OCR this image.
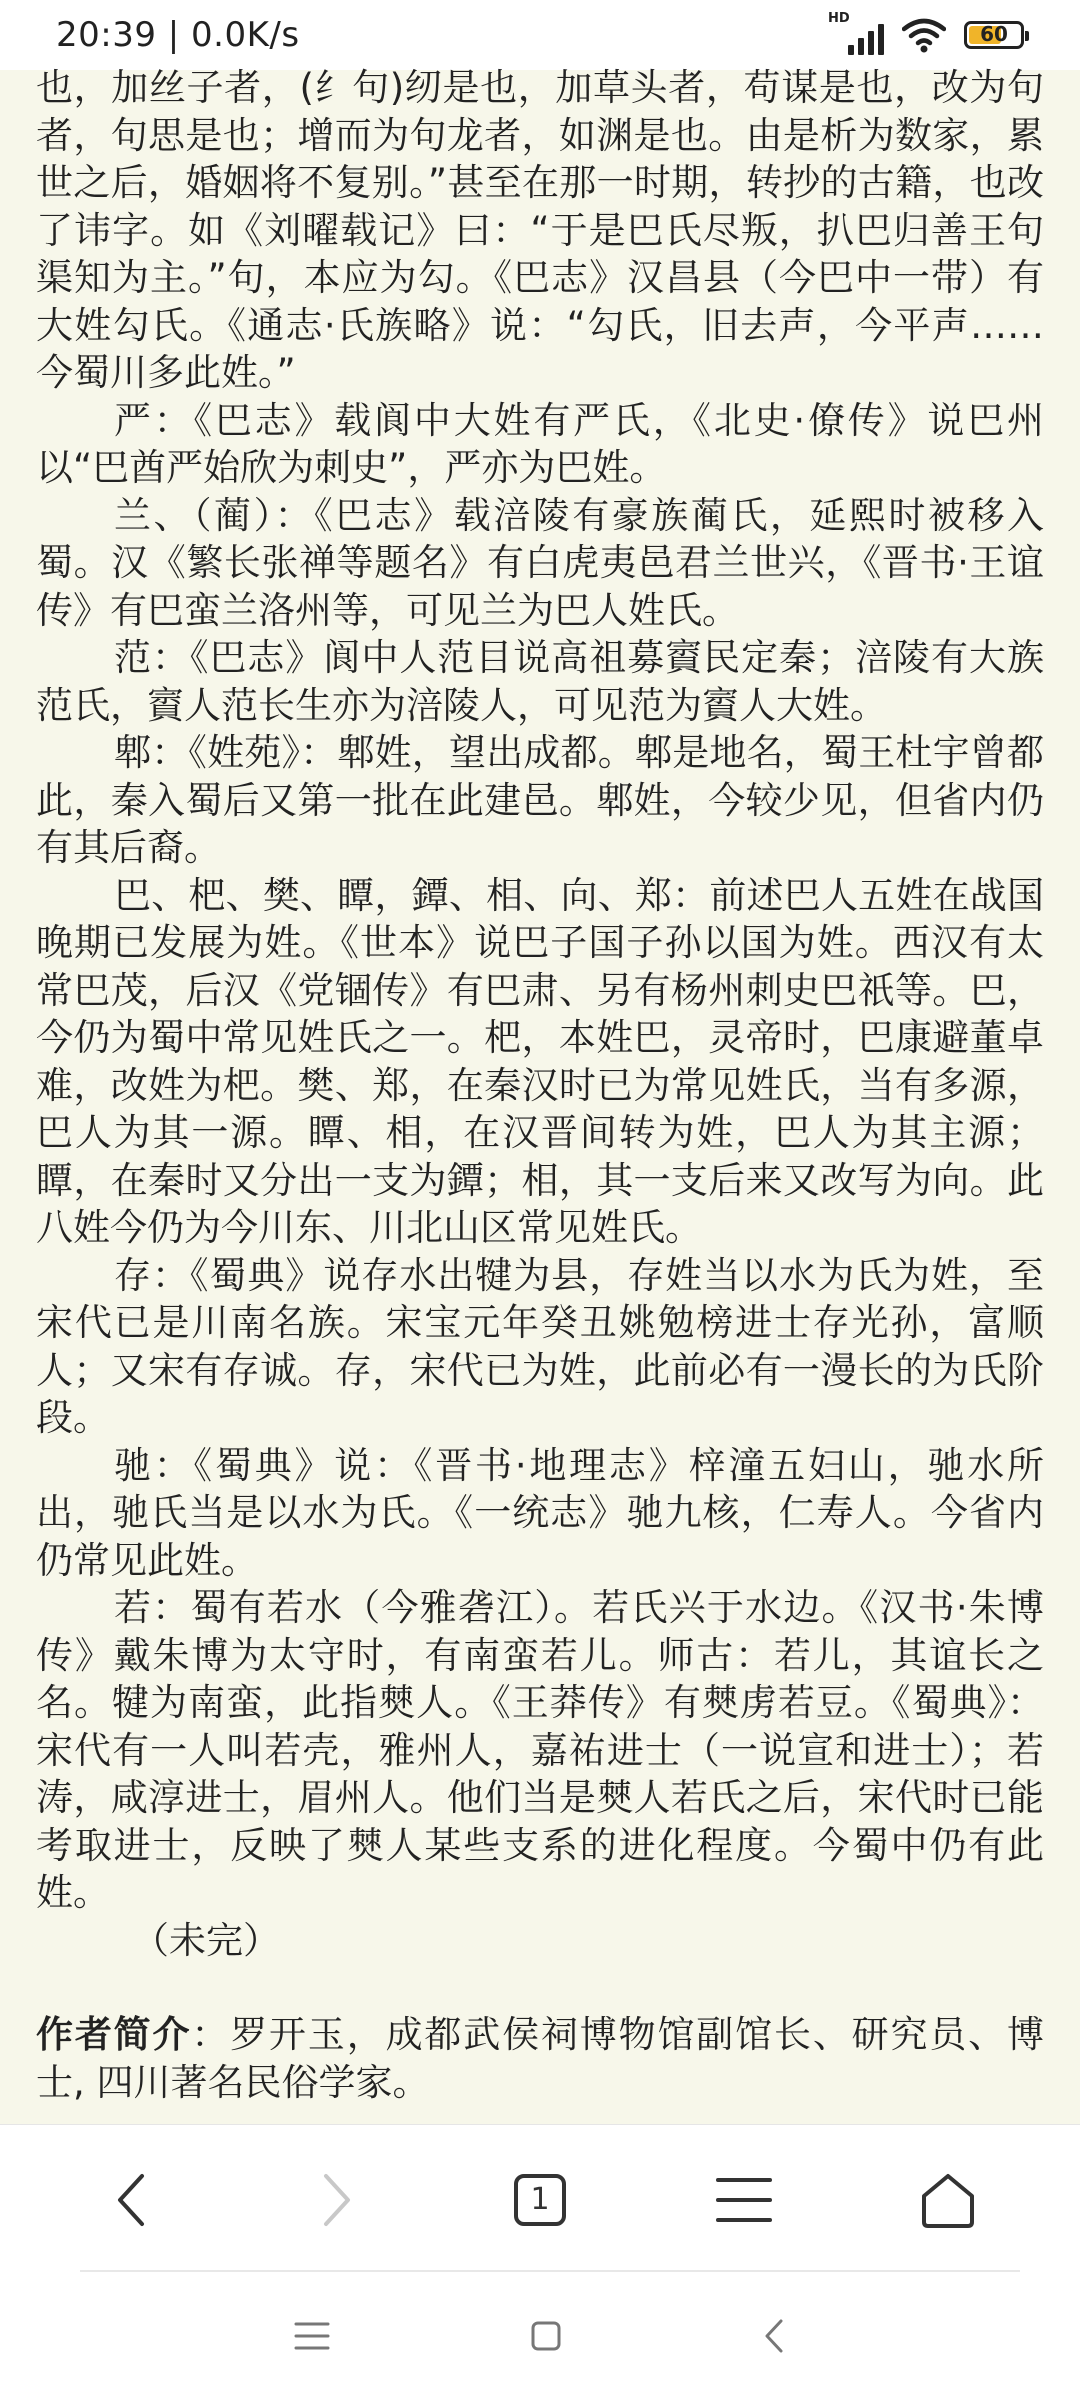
20:39 | 0.0K/s	HD
60

也，加丝子者，(纟句)纫是也，加草头者，苟谋是也，改为句者，句思是也；增而为句龙者，如渊是也。由是析为数家，累世之后，婚姻将不复别。”甚至在那一时期，转抄的古籍，也改了讳字。如《刘曜载记》曰：“于是巴氏尽叛，扒巴归善王句渠知为主。”句，本应为勾。《巴志》汉昌县（今巴中一带）有大姓勾氏。《通志·氏族略》说：“勾氏，旧去声，今平声……今蜀川多此姓。”

严：《巴志》载阆中大姓有严氏，《北史·僚传》说巴州以“巴酋严始欣为刺史”，严亦为巴姓。

兰、（蔺）：《巴志》载涪陵有豪族蔺氏，延熙时被移入蜀。汉《繁长张禅等题名》有白虎夷邑君兰世兴，《晋书·王谊传》有巴蛮兰洛州等，可见兰为巴人姓氏。

范：《巴志》阆中人范目说高祖募賨民定秦；涪陵有大族范氏，賨人范长生亦为涪陵人，可见范为賨人大姓。

郫：《姓苑》：郫姓，望出成都。郫是地名，蜀王杜宇曾都此，秦入蜀后又第一批在此建邑。郫姓，今较少见，但省内仍有其后裔。

巴、杷、樊、瞫，鐔、相、向、郑：前述巴人五姓在战国晚期已发展为姓。《世本》说巴子国子孙以国为姓。西汉有太常巴茂，后汉《党锢传》有巴肃、另有杨州刺史巴祇等。巴，今仍为蜀中常见姓氏之一。杷，本姓巴，灵帝时，巴康避董卓难，改姓为杷。樊、郑，在秦汉时已为常见姓氏，当有多源，巴人为其一源。瞫、相，在汉晋间转为姓，巴人为其主源；瞫，在秦时又分出一支为鐔；相，其一支后来又改写为向。此八姓今仍为今川东、川北山区常见姓氏。

存：《蜀典》说存水出犍为县，存姓当以水为氏为姓，至宋代已是川南名族。宋宝元年癸丑姚勉榜进士存光孙，富顺人；又宋有存诚。存，宋代已为姓，此前必有一漫长的为氏阶段。

驰：《蜀典》说：《晋书·地理志》梓潼五妇山，驰水所出，驰氏当是以水为氏。《一统志》驰九核，仁寿人。今省内仍常见此姓。

若：蜀有若水（今雅砻江）。若氏兴于水边。《汉书·朱博传》戴朱博为太守时，有南蛮若儿。师古：若儿，其谊长之名。犍为南蛮，此指僰人。《王莽传》有僰虏若豆。《蜀典》：宋代有一人叫若壳，雅州人，嘉祐进士（一说宣和进士）；若涛，咸淳进士，眉州人。他们当是僰人若氏之后，宋代时已能考取进士，反映了僰人某些支系的进化程度。今蜀中仍有此姓。

（未完）

作者简介：罗开玉，成都武侯祠博物馆副馆长、研究员、博士, 四川著名民俗学家。

1
